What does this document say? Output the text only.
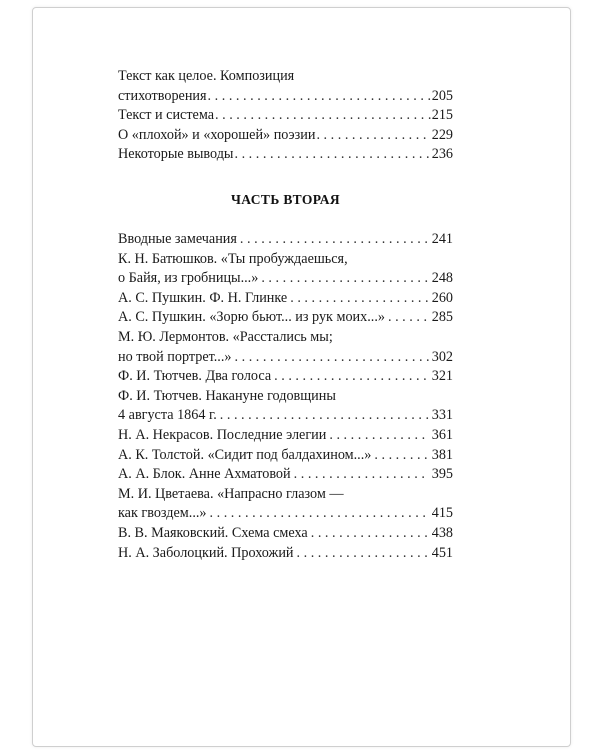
Текст как целое. Композиция
стихотворения . . .	205
Текст и система . . .	215
О «плохой» и «хорошей» поэзии . . .	229
Некоторые выводы . . .	236
ЧАСТЬ ВТОРАЯ
Вводные замечания . . .	241
К. Н. Батюшков. «Ты пробуждаешься,
о Байя, из гробницы...» . . .	248
А. С. Пушкин. Ф. Н. Глинке . . .	260
А. С. Пушкин. «Зорю бьют... из рук моих...» . . .	285
М. Ю. Лермонтов. «Расстались мы;
но твой портрет...» . . .	302
Ф. И. Тютчев. Два голоса . . .	321
Ф. И. Тютчев. Накануне годовщины
4 августа 1864 г. . . .	331
Н. А. Некрасов. Последние элегии . . .	361
А. К. Толстой. «Сидит под балдахином...» . . .	381
А. А. Блок. Анне Ахматовой . . .	395
М. И. Цветаева. «Напрасно глазом —
как гвоздем...» . . .	415
В. В. Маяковский. Схема смеха . . .	438
Н. А. Заболоцкий. Прохожий . . .	451
